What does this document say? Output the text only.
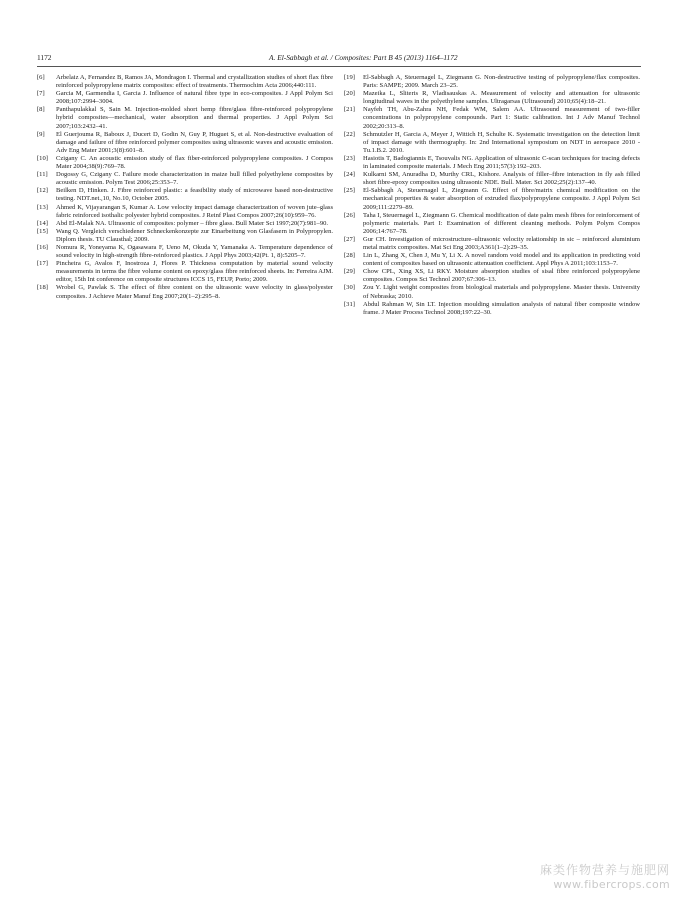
1172	A. El-Sabbagh et al. / Composites: Part B 45 (2013) 1164–1172

[6] Arbelaiz A, Fernandez B, Ramos JA, Mondragon I. Thermal and crystallization studies of short flax fibre reinforced polypropylene matrix composites: effect of treatments. Thermochim Acta 2006;440:111.

[7] Garcia M, Garmendia I, Garcia J. Influence of natural fibre type in eco-composites. J Appl Polym Sci 2008;107:2994–3004.

[8] Panthapulakkal S, Sain M. Injection-molded short hemp fibre/glass fibre-reinforced polypropylene hybrid composites—mechanical, water absorption and thermal properties. J Appl Polym Sci 2007;103:2432–41.

[9] El Guerjouma R, Baboux J, Ducert D, Godin N, Guy P, Huguet S, et al. Non-destructive evaluation of damage and failure of fibre reinforced polymer composites using ultrasonic waves and acoustic emission. Adv Eng Mater 2001;3(8):601–8.

[10] Czigany C. An acoustic emission study of flax fiber-reinforced polypropylene composites. J Compos Mater 2004;38(9):769–78.

[11] Dogossy G, Czigany C. Failure mode characterization in maize hull filled polyethylene composites by acoustic emission. Polym Test 2006;25:353–7.

[12] Beilken D, Hinken. J. Fibre reinforced plastic: a feasibility study of microwave based non-destructive testing. NDT.net.,10, No.10, October 2005.

[13] Ahmed K, Vijayarangan S, Kumar A. Low velocity impact damage characterization of woven jute–glass fabric reinforced isothalic polyester hybrid composites. J Reinf Plast Compos 2007;26(10):959–76.

[14] Abd El-Malak NA. Ultrasonic of composites: polymer – fibre glass. Bull Mater Sci 1997;20(7):981–90.

[15] Wang Q. Vergleich verschiedener Schneckenkonzepte zur Einarbeitung von Glasfasern in Polypropylen. Diplom thesis. TU Clausthal; 2009.

[16] Nomura R, Yoneyama K, Ogasawara F, Ueno M, Okuda Y, Yamanaka A. Temperature dependence of sound velocity in high-strength fibre-reinforced plastics. J Appl Phys 2003;42(Pt. 1, 8):5205–7.

[17] Pincheira G, Avalos F, Inostroza J, Flores P. Thickness computation by material sound velocity measurements in terms the fibre volume content on epoxy/glass fibre reinforced sheets. In: Ferreira AJM. editor, 15th Int conference on composite structures ICCS 15, FEUP, Porto; 2009.

[18] Wrobel G, Pawlak S. The effect of fibre content on the ultrasonic wave velocity in glass/polyester composites. J Achieve Mater Manuf Eng 2007;20(1–2):295–8.

[19] El-Sabbagh A, Steuernagel L, Ziegmann G. Non-destructive testing of polypropylene/flax composites. Paris: SAMPE; 2009. March 23–25.

[20] Mazeika L, Sliteris R, Vladisauskas A. Measurement of velocity and attenuation for ultrasonic longitudinal waves in the polyethylene samples. Ultragarsas (Ultrasound) 2010;65(4):18–21.

[21] Nayfeh TH, Abu-Zahra NH, Fedak WM, Salem AA. Ultrasound measurement of two-filler concentrations in polypropylene compounds. Part 1: Static calibration. Int J Adv Manuf Technol 2002;20:313–8.

[22] Schmutzler H, Garcia A, Meyer J, Wittich H, Schulte K. Systematic investigation on the detection limit of impact damage with thermography. In: 2nd International symposium on NDT in aerospace 2010 - Tu.1.B.2. 2010.

[23] Hasiotis T, Badogiannis E, Tsouvalis NG. Application of ultrasonic C-scan techniques for tracing defects in laminated composite materials. J Mech Eng 2011;57(3):192–203.

[24] Kulkarni SM, Anuradha D, Murthy CRL, Kishore. Analysis of filler–fibre interaction in fly ash filled short fibre-epoxy composites using ultrasonic NDE. Bull. Mater. Sci 2002;25(2):137–40.

[25] El-Sabbagh A, Steuernagel L, Ziegmann G. Effect of fibre/matrix chemical modification on the mechanical properties & water absorption of extruded flax/polypropylene composite. J Appl Polym Sci 2009;111:2279–89.

[26] Taha I, Steuernagel L, Ziegmann G. Chemical modification of date palm mesh fibres for reinforcement of polymeric materials. Part I: Examination of different cleaning methods. Polym Polym Compos 2006;14:767–78.

[27] Gur CH. Investigation of microstructure–ultrasonic velocity relationship in sic – reinforced aluminium metal matrix composites. Mat Sci Eng 2003;A361(1–2):29–35.

[28] Lin L, Zhang X, Chen J, Mu Y, Li X. A novel random void model and its application in predicting void content of composites based on ultrasonic attenuation coefficient. Appl Phys A 2011;103:1153–7.

[29] Chow CPL, Xing XS, Li RKY. Moisture absorption studies of sisal fibre reinforced polypropylene composites. Compos Sci Technol 2007;67:306–13.

[30] Zou Y. Light weight composites from biological materials and polypropylene. Master thesis. University of Nebraska; 2010.

[31] Abdul Rahman W, Sin LT. Injection moulding simulation analysis of natural fiber composite window frame. J Mater Process Technol 2008;197:22–30.

麻类作物营养与施肥网
www.fibercrops.com
